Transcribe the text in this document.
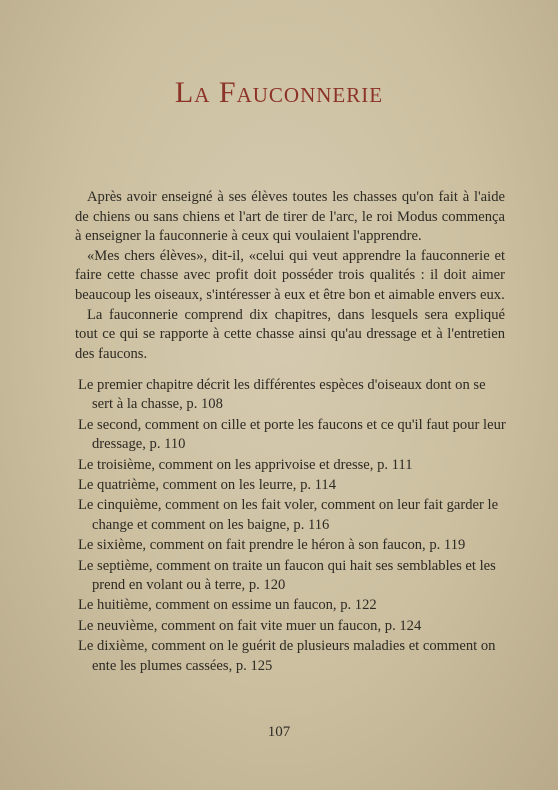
La Fauconnerie

Après avoir enseigné à ses élèves toutes les chasses qu'on fait à l'aide de chiens ou sans chiens et l'art de tirer de l'arc, le roi Modus commença à enseigner la fauconnerie à ceux qui voulaient l'apprendre.

«Mes chers élèves», dit-il, «celui qui veut apprendre la fauconnerie et faire cette chasse avec profit doit posséder trois qualités : il doit aimer beaucoup les oiseaux, s'intéresser à eux et être bon et aimable envers eux.

La fauconnerie comprend dix chapitres, dans lesquels sera expliqué tout ce qui se rapporte à cette chasse ainsi qu'au dressage et à l'entretien des faucons.

Le premier chapitre décrit les différentes espèces d'oiseaux dont on se sert à la chasse, p. 108
Le second, comment on cille et porte les faucons et ce qu'il faut pour leur dressage, p. 110
Le troisième, comment on les apprivoise et dresse, p. 111
Le quatrième, comment on les leurre, p. 114
Le cinquième, comment on les fait voler, comment on leur fait garder le change et comment on les baigne, p. 116
Le sixième, comment on fait prendre le héron à son faucon, p. 119
Le septième, comment on traite un faucon qui hait ses semblables et les prend en volant ou à terre, p. 120
Le huitième, comment on essime un faucon, p. 122
Le neuvième, comment on fait vite muer un faucon, p. 124
Le dixième, comment on le guérit de plusieurs maladies et comment on ente les plumes cassées, p. 125
107
